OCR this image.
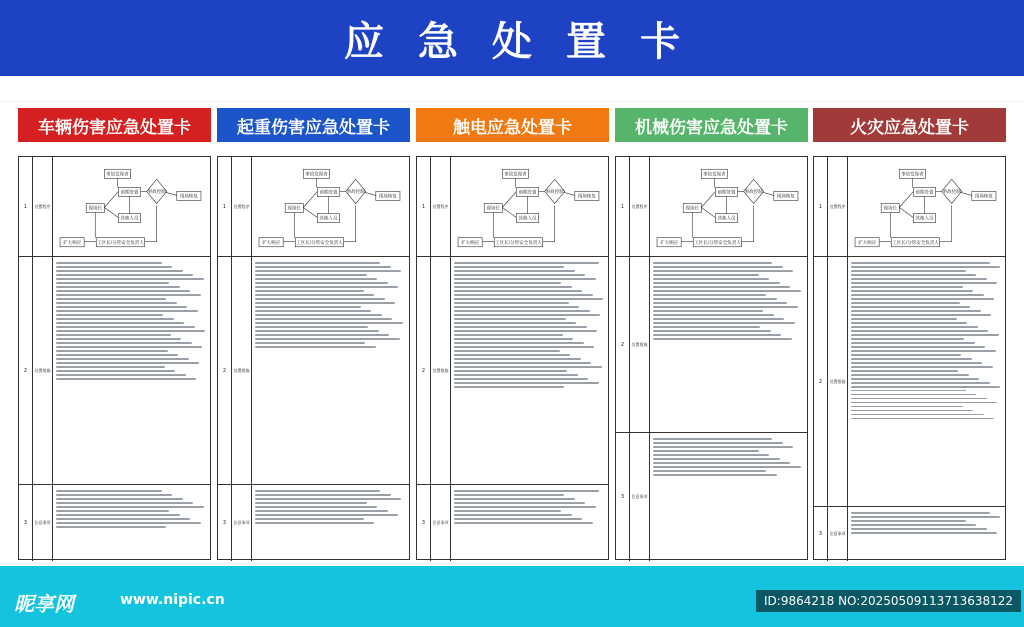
应急处置卡
车辆伤害应急处置卡
1	处置程序
事故发现者
前期处置
现场长
其他人员
现场恢复
扩大响应	工区长/分管安全负责人
事故控制
2	处置措施
3	注意事项
起重伤害应急处置卡
1	处置程序
事故发现者
前期处置
现场长
其他人员
现场恢复
扩大响应	工区长/分管安全负责人
事故控制
2	处置措施
3	注意事项
触电应急处置卡
1	处置程序
事故发现者
前期处置
现场长
其他人员
现场恢复
扩大响应	工区长/分管安全负责人
事故控制
2	处置措施
3	注意事项
机械伤害应急处置卡
1	处置程序
事故发现者
前期处置
现场长
其他人员
现场恢复
扩大响应	工区长/分管安全负责人
事故控制
2	处置措施
3	注意事项
火灾应急处置卡
1	处置程序
事故发现者
前期处置
现场长
其他人员
现场恢复
扩大响应	工区长/分管安全负责人
事故控制
2	处置措施
3	注意事项
昵享网	www.nipic.cn	ID:9864218 NO:20250509113713638122
